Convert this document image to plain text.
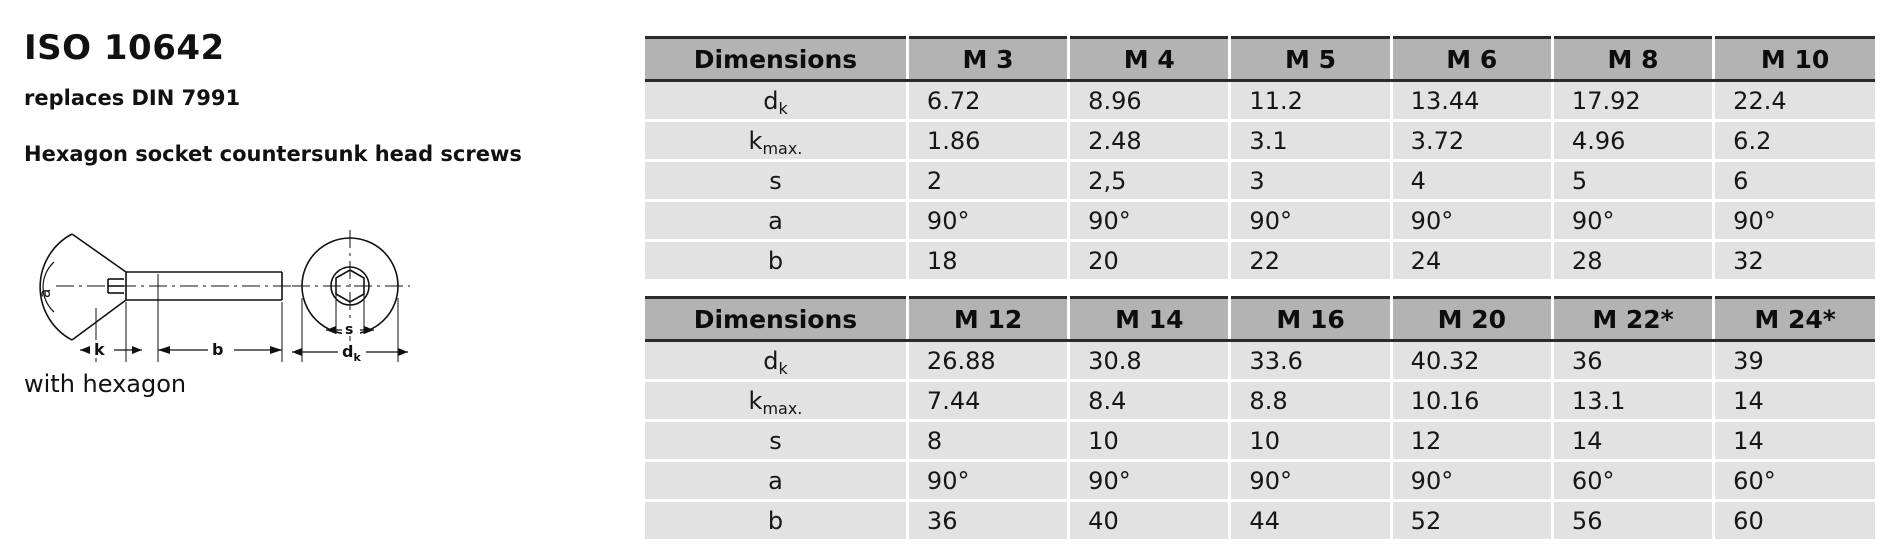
ISO 10642
replaces DIN 7991
Hexagon socket countersunk head screws
a
k	b
s
$d_k$
with hexagon
Dimensions	M 3	M 4	M 5	M 6	M 8	M 10
$d_k$	6.72	8.96	11.2	13.44	17.92	22.4
$k_{max.}$	1.86	2.48	3.1	3.72	4.96	6.2
s	2	2,5	3	4	5	6
a	90°	90°	90°	90°	90°	90°
b	18	20	22	24	28	32
Dimensions	M 12	M 14	M 16	M 20	M 22*	M 24*
$d_k$	26.88	30.8	33.6	40.32	36	39
$k_{max.}$	7.44	8.4	8.8	10.16	13.1	14
s	8	10	10	12	14	14
a	90°	90°	90°	90°	60°	60°
b	36	40	44	52	56	60
